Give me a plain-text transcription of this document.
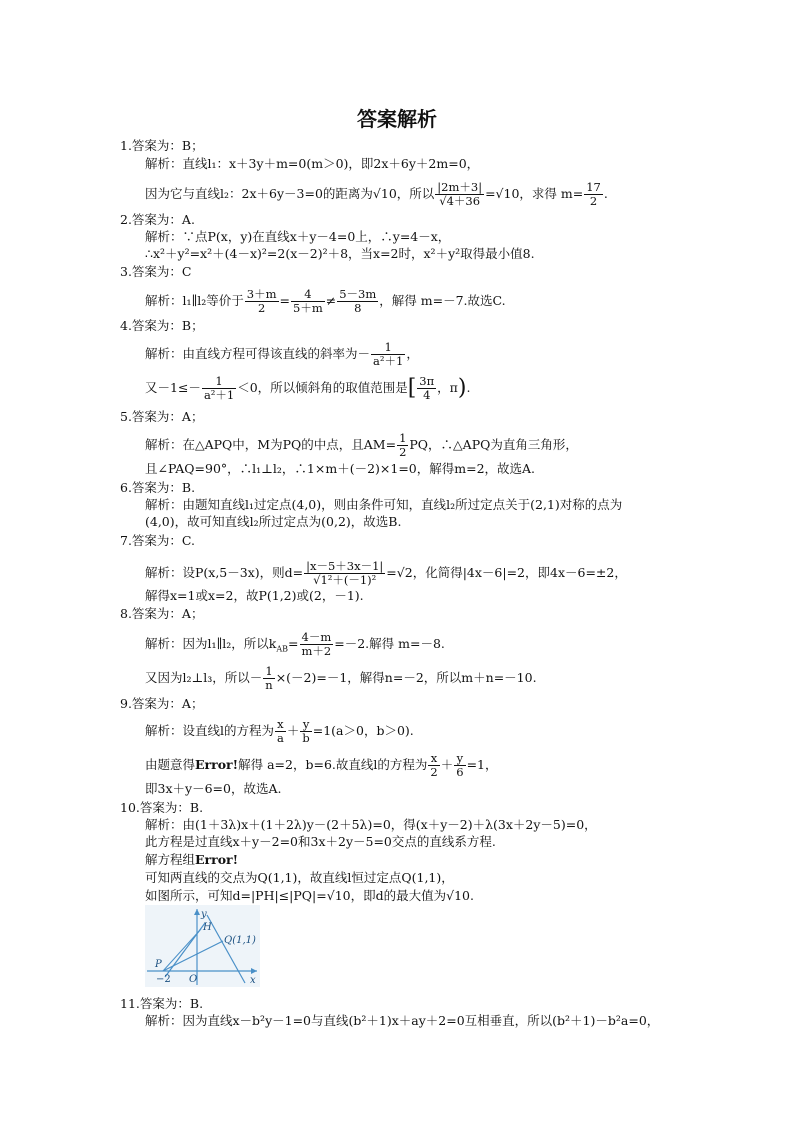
答案解析
1.答案为：B；
解析：直线l₁：x＋3y＋m=0(m＞0)，即2x＋6y＋2m=0，
因为它与直线l₂：2x＋6y－3=0的距离为√10，所以 $\frac{|2m+3|}{√4+36} =√10$，求得 $m= \frac{17}{2}$ .
2.答案为：A.
解析：∵点P(x，y)在直线x＋y－4=0上，∴y=4－x，
∴x²＋y²=x²＋(4－x)²=2(x－2)²＋8，当x=2时，x²＋y²取得最小值8.
3.答案为：C
解析：l₁∥l₂等价于 $\frac{3+m}{2} = \frac{4}{5+m} \ne \frac{5-3m}{8}$ ，解得 m=－7.故选C.
4.答案为：B；
解析：由直线方程可得该直线的斜率为－ $\frac{1}{\text{a²＋1}}$ ，
又$-1\le- \frac{1}{\text{a²＋1}} <0$，所以倾斜角的取值范围是[ $\frac{3\pi}{4}$ ，π).
5.答案为：A；
解析：在△APQ中，M为PQ的中点，且$AM= \frac{1}{2}$ PQ，∴△APQ为直角三角形，
且∠PAQ=90°，∴l₁⊥l₂，∴1×m＋(－2)×1=0，解得m=2，故选A.
6.答案为：B.
解析：由题知直线l₁过定点(4,0)，则由条件可知，直线l₂所过定点关于(2,1)对称的点为
(4,0)，故可知直线l₂所过定点为(0,2)，故选B.
7.答案为：C.
解析：设P(x,5－3x)，则$d= \frac{|x-5+3x-1|}{\text{√1²＋(－1)²}} =√2$，化简得|4x－6|=2，即4x－6=±2，
解得x=1或x=2，故P(1,2)或(2，－1).
8.答案为：A；
解析：因为l₁∥l₂，所以$k_{AB}= \frac{4-m}{m+2} =-2$.解得 m=－8.
又因为l₂⊥l₃，所以－ $\frac{1}{n} \times(-2)=-1$，解得n=－2，所以m＋n=－10.
9.答案为：A；
解析：设直线l的方程为 $\frac{x}{a} + \frac{y}{b} =1(a>0$，b＞0).
由题意得Error!解得 a=2，b=6.故直线l的方程为 $\frac{x}{2} + \frac{y}{6} =1$，
即3x＋y－6=0，故选A.
10.答案为：B.
解析：由(1＋3λ)x＋(1＋2λ)y－(2＋5λ)=0，得(x＋y－2)＋λ(3x＋2y－5)=0，
此方程是过直线x＋y－2=0和3x＋2y－5=0交点的直线系方程.
解方程组Error!
可知两直线的交点为Q(1,1)，故直线l恒过定点Q(1,1)，
如图所示，可知d=|PH|≤|PQ|=√10，即d的最大值为√10.
y
H
Q(1,1)
P
−2 O	x
11.答案为：B.
解析：因为直线x－b²y－1=0与直线(b²＋1)x＋ay＋2=0互相垂直，所以(b²＋1)－b²a=0，
